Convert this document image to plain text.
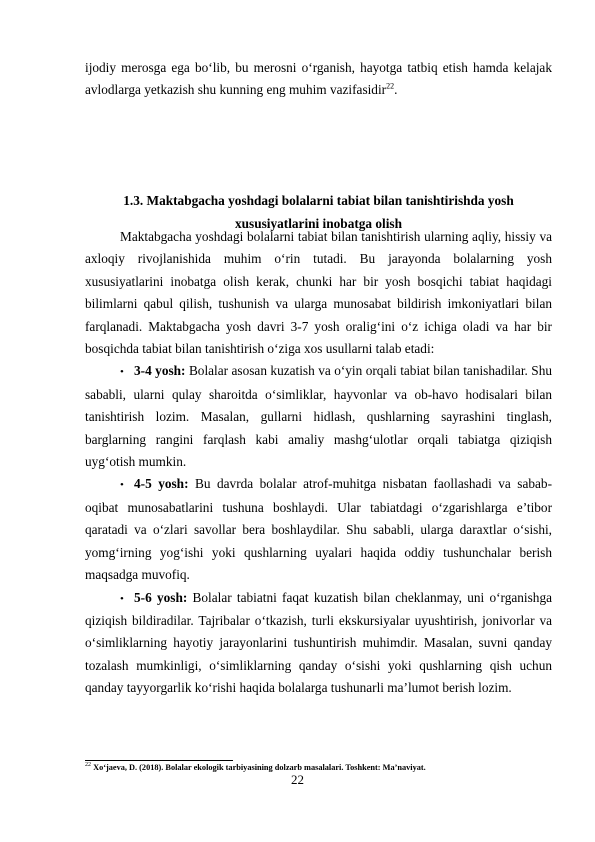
ijodiy merosga ega bo‘lib, bu merosni o‘rganish, hayotga tatbiq etish hamda kelajak avlodlarga yetkazish shu kunning eng muhim vazifasidir$^{22}$.

1.3. Maktabgacha yoshdagi bolalarni tabiat bilan tanishtirishda yosh xususiyatlarini inobatga olish

Maktabgacha yoshdagi bolalarni tabiat bilan tanishtirish ularning aqliy, hissiy va axloqiy rivojlanishida muhim o‘rin tutadi. Bu jarayonda bolalarning yosh xususiyatlarini inobatga olish kerak, chunki har bir yosh bosqichi tabiat haqidagi bilimlarni qabul qilish, tushunish va ularga munosabat bildirish imkoniyatlari bilan farqlanadi. Maktabgacha yosh davri 3-7 yosh oralig‘ini o‘z ichiga oladi va har bir bosqichda tabiat bilan tanishtirish o‘ziga xos usullarni talab etadi:

•3-4 yosh: Bolalar asosan kuzatish va o‘yin orqali tabiat bilan tanishadilar. Shu sababli, ularni qulay sharoitda o‘simliklar, hayvonlar va ob-havo hodisalari bilan tanishtirish lozim. Masalan, gullarni hidlash, qushlarning sayrashini tinglash, barglarning rangini farqlash kabi amaliy mashg‘ulotlar orqali tabiatga qiziqish uyg‘otish mumkin.

•4-5 yosh: Bu davrda bolalar atrof-muhitga nisbatan faollashadi va sabab-oqibat munosabatlarini tushuna boshlaydi. Ular tabiatdagi o‘zgarishlarga e’tibor qaratadi va o‘zlari savollar bera boshlaydilar. Shu sababli, ularga daraxtlar o‘sishi, yomg‘irning yog‘ishi yoki qushlarning uyalari haqida oddiy tushunchalar berish maqsadga muvofiq.

•5-6 yosh: Bolalar tabiatni faqat kuzatish bilan cheklanmay, uni o‘rganishga qiziqish bildiradilar. Tajribalar o‘tkazish, turli ekskursiyalar uyushtirish, jonivorlar va o‘simliklarning hayotiy jarayonlarini tushuntirish muhimdir. Masalan, suvni qanday tozalash mumkinligi, o‘simliklarning qanday o‘sishi yoki qushlarning qish uchun qanday tayyorgarlik ko‘rishi haqida bolalarga tushunarli ma’lumot berish lozim.

$^{22}$ Xo‘jaeva, D. (2018). Bolalar ekologik tarbiyasining dolzarb masalalari. Toshkent: Ma’naviyat.

22
